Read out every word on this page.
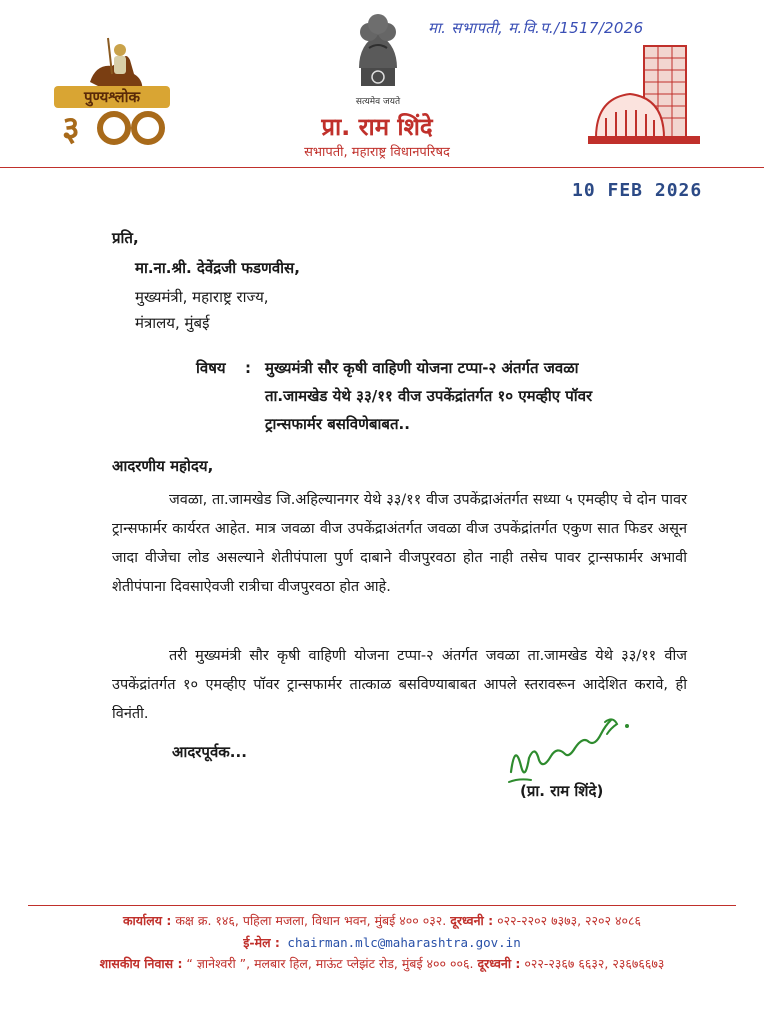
पुण्यश्लोक
३
सत्यमेव जयते
प्रा. राम शिंदे
सभापती, महाराष्ट्र विधानपरिषद
मा. सभापती, म.वि.प./1517/2026
10 FEB 2026
प्रति,
मा.ना.श्री. देवेंद्रजी फडणवीस,
मुख्यमंत्री, महाराष्ट्र राज्य,
मंत्रालय, मुंबई
विषय : मुख्यमंत्री सौर कृषी वाहिणी योजना टप्पा-२ अंतर्गत जवळा
ता.जामखेड येथे ३३/११ वीज उपकेंद्रांतर्गत १० एमव्हीए पॉवर
ट्रान्सफार्मर बसविणेबाबत..
आदरणीय महोदय,
जवळा, ता.जामखेड जि.अहिल्यानगर येथे ३३/११ वीज उपकेंद्राअंतर्गत सध्या ५ एमव्हीए चे दोन पावर ट्रान्सफार्मर कार्यरत आहेत. मात्र जवळा वीज उपकेंद्राअंतर्गत जवळा वीज उपकेंद्रांतर्गत एकुण सात फिडर असून जादा वीजेचा लोड असल्याने शेतीपंपाला पुर्ण दाबाने वीजपुरवठा होत नाही तसेच पावर ट्रान्सफार्मर अभावी शेतीपंपाना दिवसाऐवजी रात्रीचा वीजपुरवठा होत आहे.
तरी मुख्यमंत्री सौर कृषी वाहिणी योजना टप्पा-२ अंतर्गत जवळा ता.जामखेड येथे ३३/११ वीज उपकेंद्रांतर्गत १० एमव्हीए पॉवर ट्रान्सफार्मर तात्काळ बसविण्याबाबत आपले स्तरावरून आदेशित करावे, ही विनंती.
आदरपूर्वक...
(प्रा. राम शिंदे)
कार्यालय : कक्ष क्र. १४६, पहिला मजला, विधान भवन, मुंबई ४०० ०३२. दूरध्वनी : ०२२-२२०२ ७३७३, २२०२ ४०८६
ई-मेल : chairman.mlc@maharashtra.gov.in
शासकीय निवास : “ ज्ञानेश्वरी ”, मलबार हिल, माऊंट प्लेझंट रोड, मुंबई ४०० ००६. दूरध्वनी : ०२२-२३६७ ६६३२, २३६७६६७३
